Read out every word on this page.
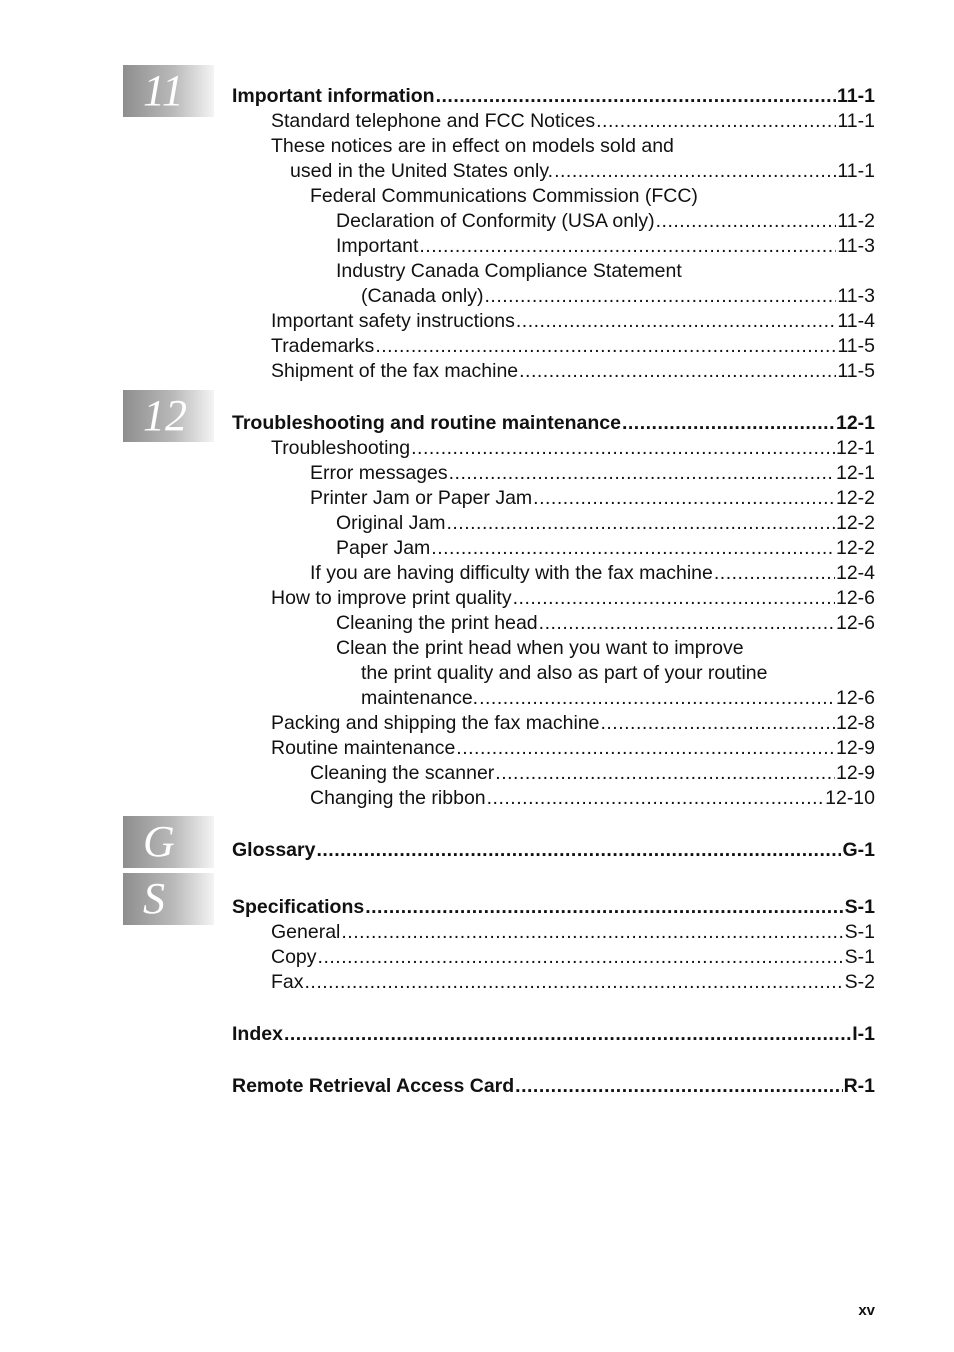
11
12
G
S
Important information .....	11-1
Standard telephone and FCC Notices .....	11-1
These notices are in effect on models sold and
used in the United States only. .....	11-1
Federal Communications Commission (FCC)
Declaration of Conformity (USA only) .....	11-2
Important .....	11-3
Industry Canada Compliance Statement
(Canada only) .....	11-3
Important safety instructions .....	11-4
Trademarks .....	11-5
Shipment of the fax machine .....	11-5
Troubleshooting and routine maintenance .....	12-1
Troubleshooting .....	12-1
Error messages .....	12-1
Printer Jam or Paper Jam .....	12-2
Original Jam .....	12-2
Paper Jam .....	12-2
If you are having difficulty with the fax machine .....	12-4
How to improve print quality .....	12-6
Cleaning the print head .....	12-6
Clean the print head when you want to improve
the print quality and also as part of your routine
maintenance. .....	12-6
Packing and shipping the fax machine .....	12-8
Routine maintenance .....	12-9
Cleaning the scanner .....	12-9
Changing the ribbon .....	12-10
Glossary .....	G-1
Specifications .....	S-1
General .....	S-1
Copy .....	S-1
Fax .....	S-2
Index .....	I-1
Remote Retrieval Access Card .....	R-1
xv
